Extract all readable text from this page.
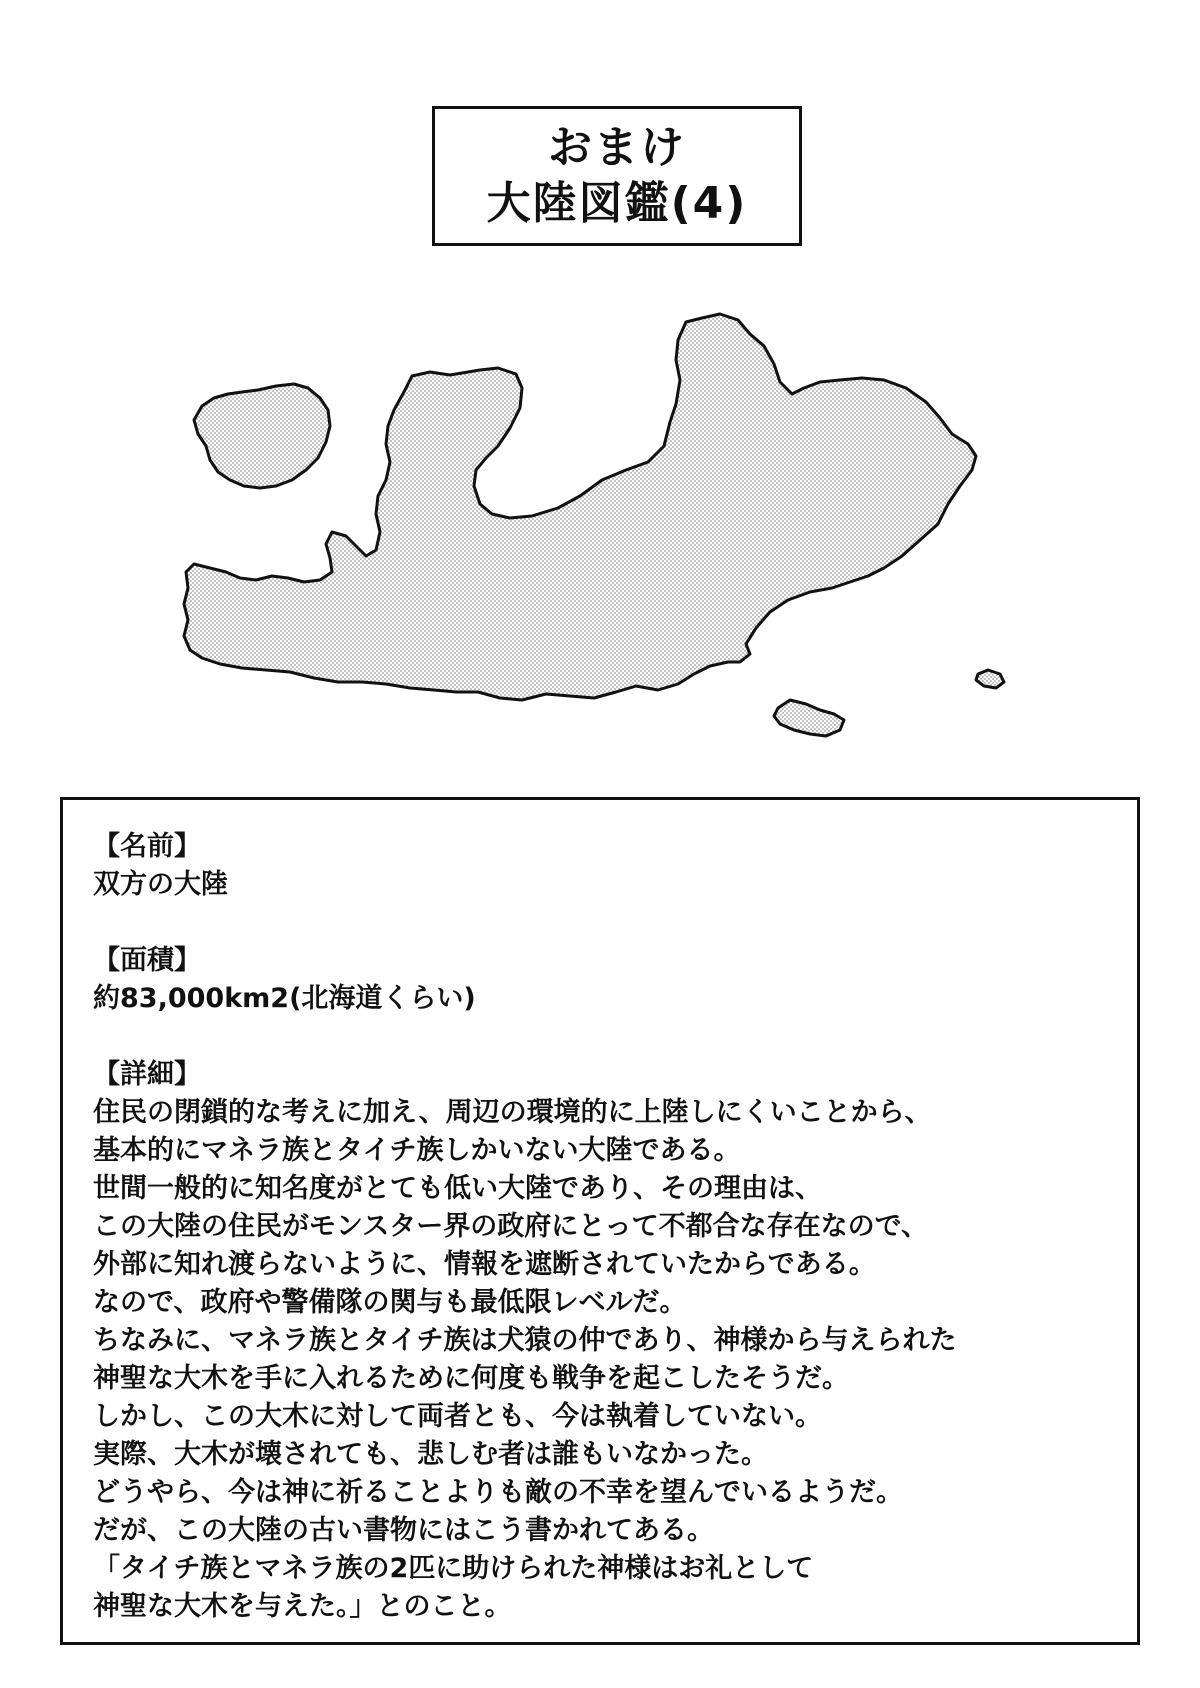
おまけ
大陸図鑑(4)
【名前】
双方の大陸
【面積】
約83,000km2(北海道くらい)
【詳細】
住民の閉鎖的な考えに加え、周辺の環境的に上陸しにくいことから、
基本的にマネラ族とタイチ族しかいない大陸である。
世間一般的に知名度がとても低い大陸であり、その理由は、
この大陸の住民がモンスター界の政府にとって不都合な存在なので、
外部に知れ渡らないように、情報を遮断されていたからである。
なので、政府や警備隊の関与も最低限レベルだ。
ちなみに、マネラ族とタイチ族は犬猿の仲であり、神様から与えられた
神聖な大木を手に入れるために何度も戦争を起こしたそうだ。
しかし、この大木に対して両者とも、今は執着していない。
実際、大木が壊されても、悲しむ者は誰もいなかった。
どうやら、今は神に祈ることよりも敵の不幸を望んでいるようだ。
だが、この大陸の古い書物にはこう書かれてある。
「タイチ族とマネラ族の2匹に助けられた神様はお礼として
神聖な大木を与えた。」とのこと。
